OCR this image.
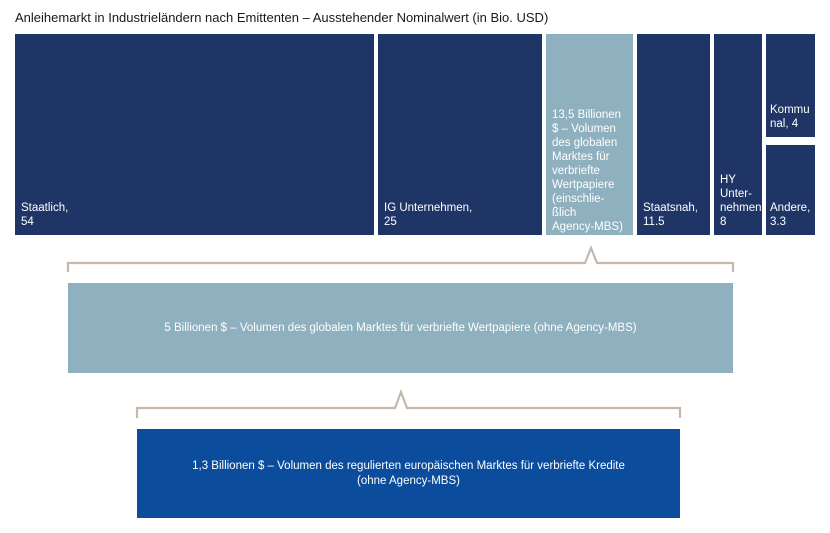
Anleihemarkt in Industrieländern nach Emittenten – Ausstehender Nominalwert (in Bio. USD)
Staatlich,
54
IG Unternehmen,
25
13,5 Billionen
$ – Volumen
des globalen
Marktes für
verbriefte
Wertpapiere
(einschlie-
ßlich
Agency-MBS)
Staatsnah,
11.5
HY
Unter-
nehmen,
8
Kommu
nal, 4
Andere,
3.3
5 Billionen $ – Volumen des globalen Marktes für verbriefte Wertpapiere (ohne Agency-MBS)
1,3 Billionen $ – Volumen des regulierten europäischen Marktes für verbriefte Kredite
(ohne Agency-MBS)
